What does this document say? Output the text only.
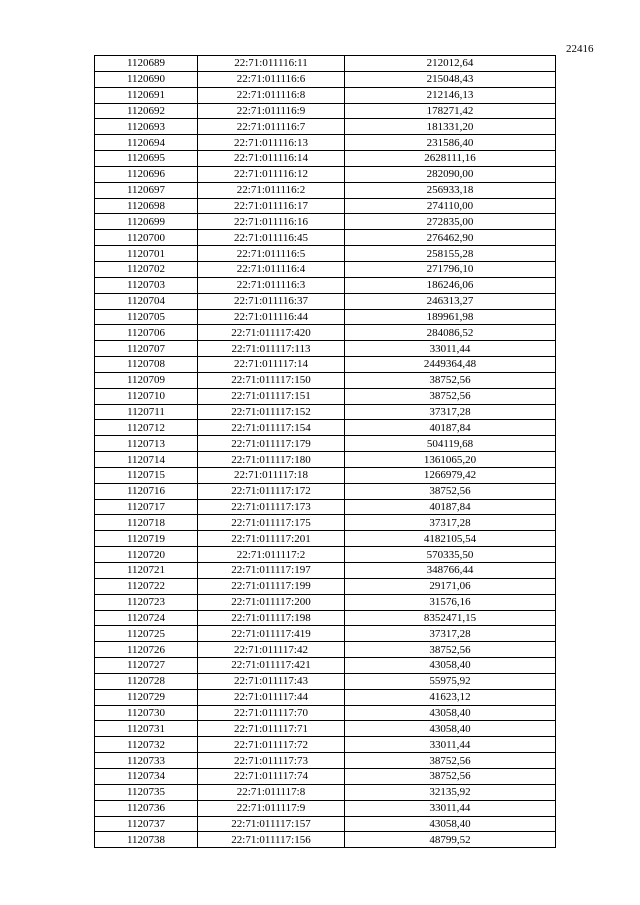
22416
1120689	22:71:011116:11	212012,64
1120690	22:71:011116:6	215048,43
1120691	22:71:011116:8	212146,13
1120692	22:71:011116:9	178271,42
1120693	22:71:011116:7	181331,20
1120694	22:71:011116:13	231586,40
1120695	22:71:011116:14	2628111,16
1120696	22:71:011116:12	282090,00
1120697	22:71:011116:2	256933,18
1120698	22:71:011116:17	274110,00
1120699	22:71:011116:16	272835,00
1120700	22:71:011116:45	276462,90
1120701	22:71:011116:5	258155,28
1120702	22:71:011116:4	271796,10
1120703	22:71:011116:3	186246,06
1120704	22:71:011116:37	246313,27
1120705	22:71:011116:44	189961,98
1120706	22:71:011117:420	284086,52
1120707	22:71:011117:113	33011,44
1120708	22:71:011117:14	2449364,48
1120709	22:71:011117:150	38752,56
1120710	22:71:011117:151	38752,56
1120711	22:71:011117:152	37317,28
1120712	22:71:011117:154	40187,84
1120713	22:71:011117:179	504119,68
1120714	22:71:011117:180	1361065,20
1120715	22:71:011117:18	1266979,42
1120716	22:71:011117:172	38752,56
1120717	22:71:011117:173	40187,84
1120718	22:71:011117:175	37317,28
1120719	22:71:011117:201	4182105,54
1120720	22:71:011117:2	570335,50
1120721	22:71:011117:197	348766,44
1120722	22:71:011117:199	29171,06
1120723	22:71:011117:200	31576,16
1120724	22:71:011117:198	8352471,15
1120725	22:71:011117:419	37317,28
1120726	22:71:011117:42	38752,56
1120727	22:71:011117:421	43058,40
1120728	22:71:011117:43	55975,92
1120729	22:71:011117:44	41623,12
1120730	22:71:011117:70	43058,40
1120731	22:71:011117:71	43058,40
1120732	22:71:011117:72	33011,44
1120733	22:71:011117:73	38752,56
1120734	22:71:011117:74	38752,56
1120735	22:71:011117:8	32135,92
1120736	22:71:011117:9	33011,44
1120737	22:71:011117:157	43058,40
1120738	22:71:011117:156	48799,52
